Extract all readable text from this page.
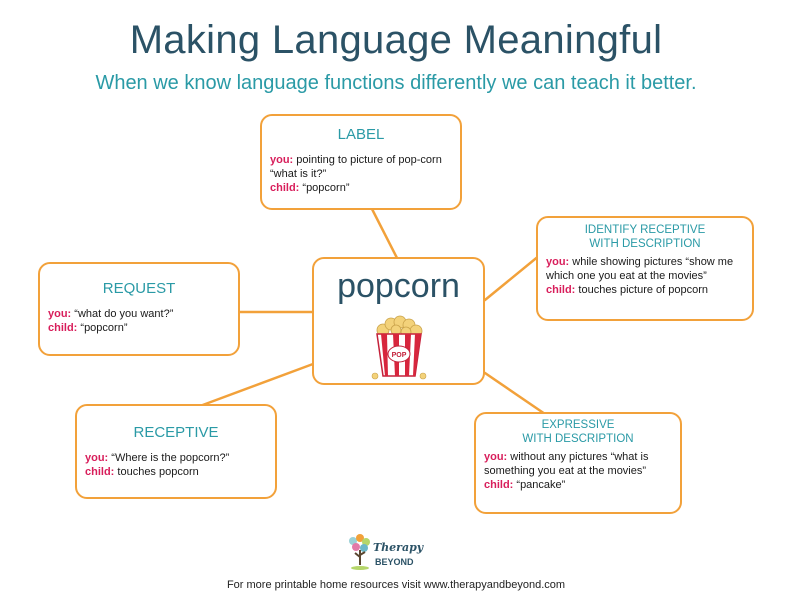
Making Language Meaningful
When we know language functions differently we can teach it better.
LABEL
you: pointing to picture of pop-corn “what is it?”
child: “popcorn”
IDENTIFY RECEPTIVE
WITH DESCRIPTION
you: while showing pictures “show me which one you eat at the movies”
child: touches picture of popcorn
REQUEST
you: “what do you want?”
child: “popcorn”
popcorn
POP
RECEPTIVE
you: “Where is the popcorn?”
child: touches popcorn
EXPRESSIVE
WITH DESCRIPTION
you: without any pictures “what is something you eat at the movies”
child: “pancake”
Therapy
BEYOND
For more printable home resources visit www.therapyandbeyond.com
